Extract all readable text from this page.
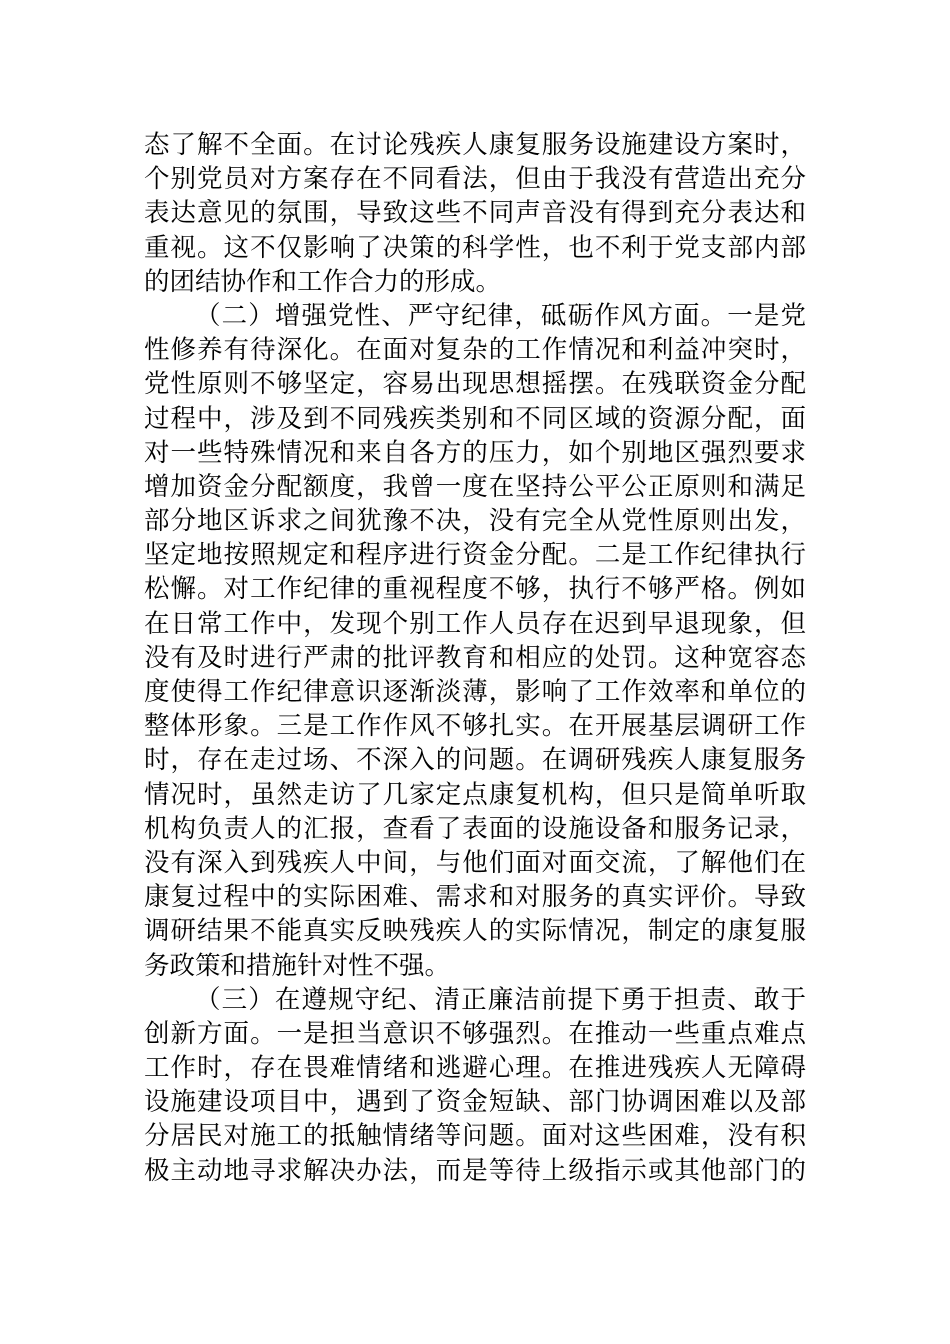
态了解不全面。在讨论残疾人康复服务设施建设方案时，
个别党员对方案存在不同看法，但由于我没有营造出充分
表达意见的氛围，导致这些不同声音没有得到充分表达和
重视。这不仅影响了决策的科学性，也不利于党支部内部
的团结协作和工作合力的形成。
（二）增强党性、严守纪律，砥砺作风方面。一是党
性修养有待深化。在面对复杂的工作情况和利益冲突时，
党性原则不够坚定，容易出现思想摇摆。在残联资金分配
过程中，涉及到不同残疾类别和不同区域的资源分配，面
对一些特殊情况和来自各方的压力，如个别地区强烈要求
增加资金分配额度，我曾一度在坚持公平公正原则和满足
部分地区诉求之间犹豫不决，没有完全从党性原则出发，
坚定地按照规定和程序进行资金分配。二是工作纪律执行
松懈。对工作纪律的重视程度不够，执行不够严格。例如
在日常工作中，发现个别工作人员存在迟到早退现象，但
没有及时进行严肃的批评教育和相应的处罚。这种宽容态
度使得工作纪律意识逐渐淡薄，影响了工作效率和单位的
整体形象。三是工作作风不够扎实。在开展基层调研工作
时，存在走过场、不深入的问题。在调研残疾人康复服务
情况时，虽然走访了几家定点康复机构，但只是简单听取
机构负责人的汇报，查看了表面的设施设备和服务记录，
没有深入到残疾人中间，与他们面对面交流，了解他们在
康复过程中的实际困难、需求和对服务的真实评价。导致
调研结果不能真实反映残疾人的实际情况，制定的康复服
务政策和措施针对性不强。
（三）在遵规守纪、清正廉洁前提下勇于担责、敢于
创新方面。一是担当意识不够强烈。在推动一些重点难点
工作时，存在畏难情绪和逃避心理。在推进残疾人无障碍
设施建设项目中，遇到了资金短缺、部门协调困难以及部
分居民对施工的抵触情绪等问题。面对这些困难，没有积
极主动地寻求解决办法，而是等待上级指示或其他部门的
